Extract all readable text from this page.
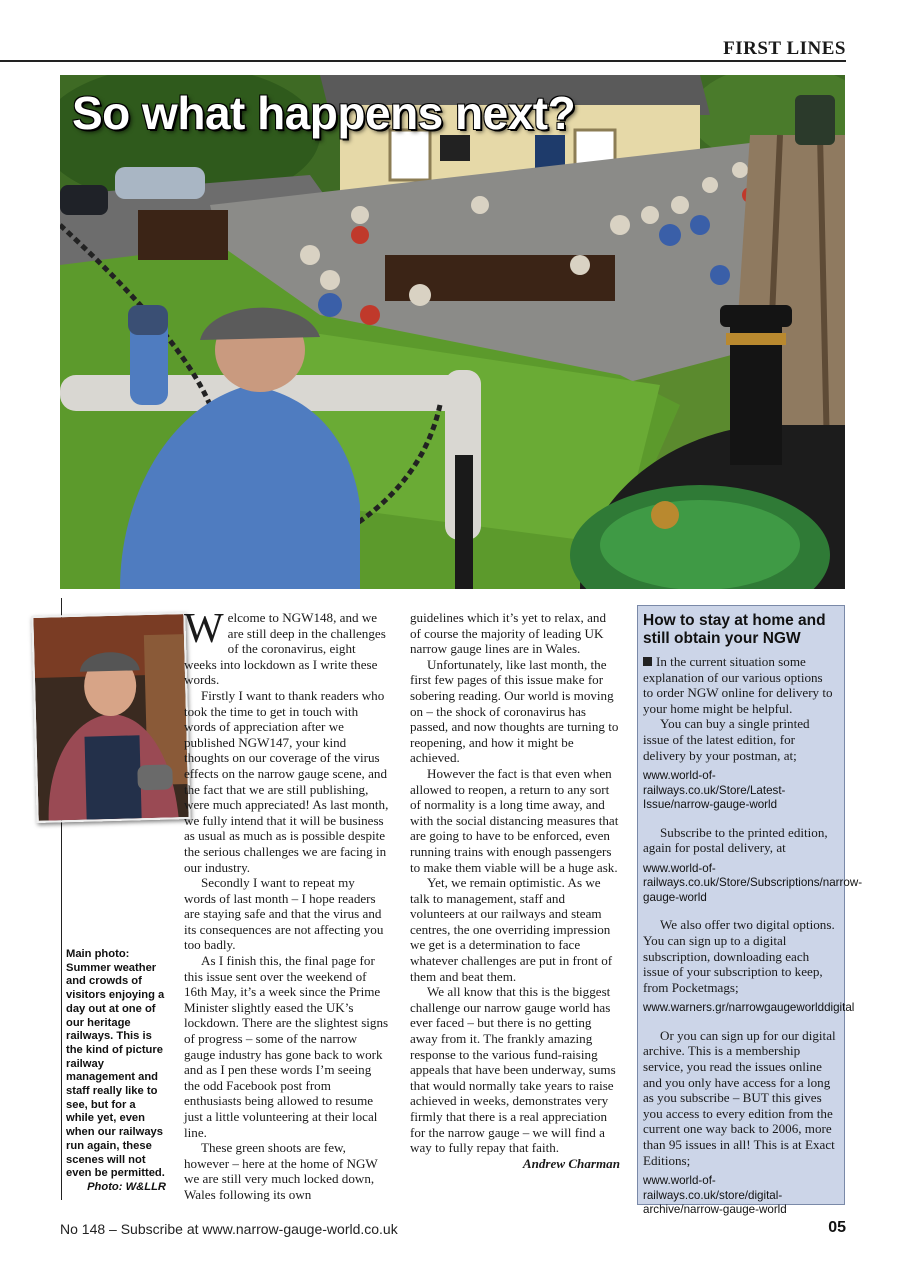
FIRST LINES
So what happens next?
Main photo: Summer weather and crowds of visitors enjoying a day out at one of our heritage railways. This is the kind of picture railway management and staff really like to see, but for a while yet, even when our railways run again, these scenes will not even be permitted.
Photo: W&LLR

Welcome to NGW148, and we are still deep in the challenges of the coronavirus, eight weeks into lockdown as I write these words.

Firstly I want to thank readers who took the time to get in touch with words of appreciation after we published NGW147, your kind thoughts on our coverage of the virus effects on the narrow gauge scene, and the fact that we are still publishing, were much appreciated! As last month, we fully intend that it will be business as usual as much as is possible despite the serious challenges we are facing in our industry.

Secondly I want to repeat my words of last month – I hope readers are staying safe and that the virus and its consequences are not affecting you too badly.

As I finish this, the final page for this issue sent over the weekend of 16th May, it’s a week since the Prime Minister slightly eased the UK’s lockdown. There are the slightest signs of progress – some of the narrow gauge industry has gone back to work and as I pen these words I’m seeing the odd Facebook post from enthusiasts being allowed to resume just a little volunteering at their local line.

These green shoots are few, however – here at the home of NGW we are still very much locked down, Wales following its own

guidelines which it’s yet to relax, and of course the majority of leading UK narrow gauge lines are in Wales.

Unfortunately, like last month, the first few pages of this issue make for sobering reading. Our world is moving on – the shock of coronavirus has passed, and now thoughts are turning to reopening, and how it might be achieved.

However the fact is that even when allowed to reopen, a return to any sort of normality is a long time away, and with the social distancing measures that are going to have to be enforced, even running trains with enough passengers to make them viable will be a huge ask.

Yet, we remain optimistic. As we talk to management, staff and volunteers at our railways and steam centres, the one overriding impression we get is a determination to face whatever challenges are put in front of them and beat them.

We all know that this is the biggest challenge our narrow gauge world has ever faced – but there is no getting away from it. The frankly amazing response to the various fund-raising appeals that have been underway, sums that would normally take years to raise achieved in weeks, demonstrates very firmly that there is a real appreciation for the narrow gauge – we will find a way to fully repay that faith.

Andrew Charman
How to stay at home and still obtain your NGW

In the current situation some explanation of our various options to order NGW online for delivery to your home might be helpful.

You can buy a single printed issue of the latest edition, for delivery by your postman, at;

www.world-of-railways.co.uk/Store/Latest-Issue/narrow-gauge-world

Subscribe to the printed edition, again for postal delivery, at

www.world-of-railways.co.uk/Store/Subscriptions/narrow-gauge-world

We also offer two digital options. You can sign up to a digital subscription, downloading each issue of your subscription to keep, from Pocketmags;

www.warners.gr/narrowgaugeworlddigital

Or you can sign up for our digital archive. This is a membership service, you read the issues online and you only have access for a long as you subscribe – BUT this gives you access to every edition from the current one way back to 2006, more than 95 issues in all! This is at Exact Editions;

www.world-of-railways.co.uk/store/digital-archive/narrow-gauge-world

No 148 – Subscribe at www.narrow-gauge-world.co.uk	05
